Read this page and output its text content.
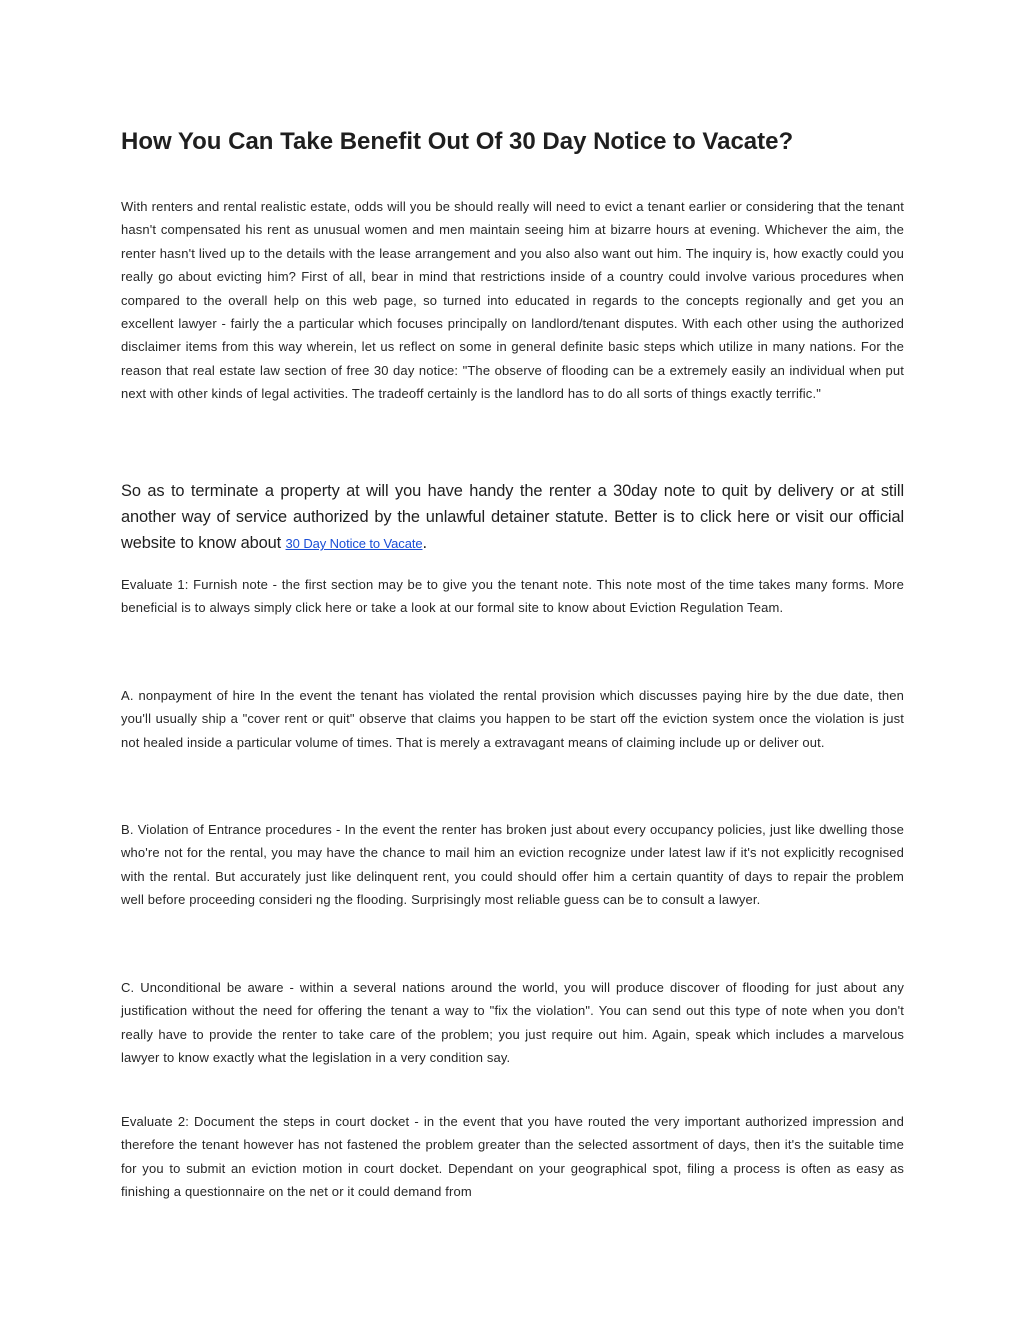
How You Can Take Benefit Out Of 30 Day Notice to Vacate?

With renters and rental realistic estate, odds will you be should really will need to evict a tenant earlier or considering that the tenant hasn't compensated his rent as unusual women and men maintain seeing him at bizarre hours at evening. Whichever the aim, the renter hasn't lived up to the details with the lease arrangement and you also also want out him. The inquiry is, how exactly could you really go about evicting him? First of all, bear in mind that restrictions inside of a country could involve various procedures when compared to the overall help on this web page, so turned into educated in regards to the concepts regionally and get you an excellent lawyer - fairly the a particular which focuses principally on landlord/tenant disputes. With each other using the authorized disclaimer items from this way wherein, let us reflect on some in general definite basic steps which utilize in many nations. For the reason that real estate law section of free 30 day notice: "The observe of flooding can be a extremely easily an individual when put next with other kinds of legal activities. The tradeoff certainly is the landlord has to do all sorts of things exactly terrific."

So as to terminate a property at will you have handy the renter a 30day note to quit by delivery or at still another way of service authorized by the unlawful detainer statute. Better is to click here or visit our official website to know about 30 Day Notice to Vacate.

Evaluate 1: Furnish note - the first section may be to give you the tenant note. This note most of the time takes many forms. More beneficial is to always simply click here or take a look at our formal site to know about Eviction Regulation Team.

A. nonpayment of hire In the event the tenant has violated the rental provision which discusses paying hire by the due date, then you'll usually ship a "cover rent or quit" observe that claims you happen to be start off the eviction system once the violation is just not healed inside a particular volume of times. That is merely a extravagant means of claiming include up or deliver out.

B. Violation of Entrance procedures - In the event the renter has broken just about every occupancy policies, just like dwelling those who're not for the rental, you may have the chance to mail him an eviction recognize under latest law if it's not explicitly recognised with the rental. But accurately just like delinquent rent, you could should offer him a certain quantity of days to repair the problem well before proceeding consideri ng the flooding. Surprisingly most reliable guess can be to consult a lawyer.

C. Unconditional be aware - within a several nations around the world, you will produce discover of flooding for just about any justification without the need for offering the tenant a way to "fix the violation". You can send out this type of note when you don't really have to provide the renter to take care of the problem; you just require out him. Again, speak which includes a marvelous lawyer to know exactly what the legislation in a very condition say.

Evaluate 2: Document the steps in court docket - in the event that you have routed the very important authorized impression and therefore the tenant however has not fastened the problem greater than the selected assortment of days, then it's the suitable time for you to submit an eviction motion in court docket. Dependant on your geographical spot, filing a process is often as easy as finishing a questionnaire on the net or it could demand from
